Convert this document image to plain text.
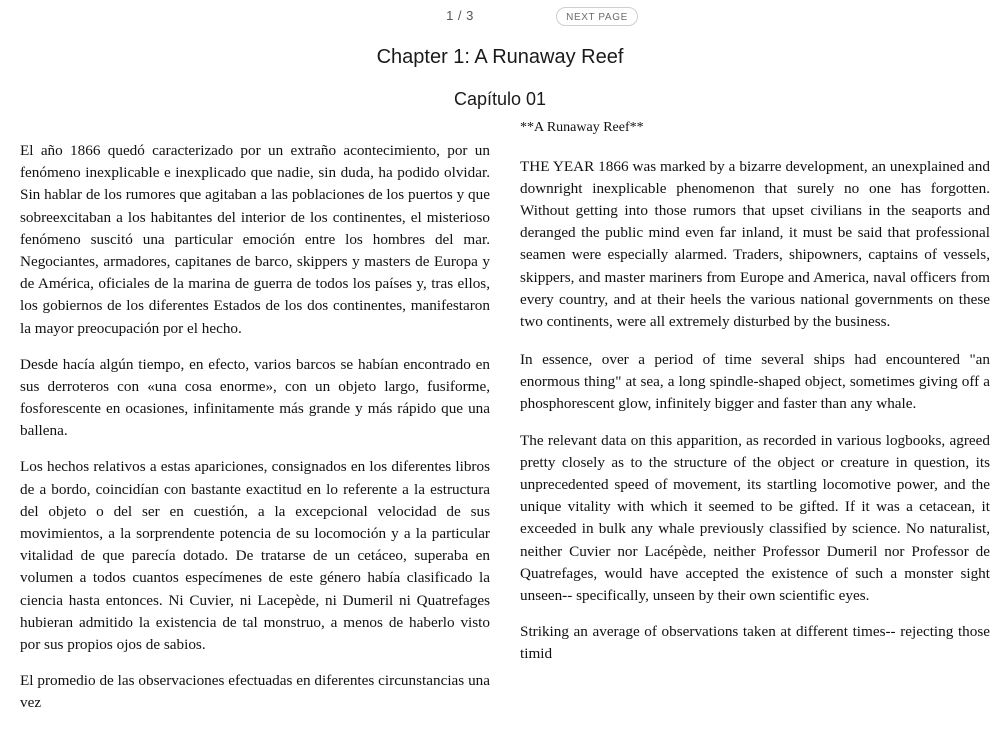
1 / 3	NEXT PAGE
Chapter 1: A Runaway Reef
Capítulo 01

El año 1866 quedó caracterizado por un extraño acontecimiento, por un fenómeno inexplicable e inexplicado que nadie, sin duda, ha podido olvidar. Sin hablar de los rumores que agitaban a las poblaciones de los puertos y que sobreexcitaban a los habitantes del interior de los continentes, el misterioso fenómeno suscitó una particular emoción entre los hombres del mar. Negociantes, armadores, capitanes de barco, skippers y masters de Europa y de América, oficiales de la marina de guerra de todos los países y, tras ellos, los gobiernos de los diferentes Estados de los dos continentes, manifestaron la mayor preocupación por el hecho.

Desde hacía algún tiempo, en efecto, varios barcos se habían encontrado en sus derroteros con «una cosa enorme», con un objeto largo, fusiforme, fosforescente en ocasiones, infinitamente más grande y más rápido que una ballena.

Los hechos relativos a estas apariciones, consignados en los diferentes libros de a bordo, coincidían con bastante exactitud en lo referente a la estructura del objeto o del ser en cuestión, a la excepcional velocidad de sus movimientos, a la sorprendente potencia de su locomoción y a la particular vitalidad de que parecía dotado. De tratarse de un cetáceo, superaba en volumen a todos cuantos especímenes de este género había clasificado la ciencia hasta entonces. Ni Cuvier, ni Lacepède, ni Dumeril ni Quatrefages hubieran admitido la existencia de tal monstruo, a menos de haberlo visto por sus propios ojos de sabios.

El promedio de las observaciones efectuadas en diferentes circunstancias una vez

**A Runaway Reef**

THE YEAR 1866 was marked by a bizarre development, an unexplained and downright inexplicable phenomenon that surely no one has forgotten. Without getting into those rumors that upset civilians in the seaports and deranged the public mind even far inland, it must be said that professional seamen were especially alarmed. Traders, shipowners, captains of vessels, skippers, and master mariners from Europe and America, naval officers from every country, and at their heels the various national governments on these two continents, were all extremely disturbed by the business.

In essence, over a period of time several ships had encountered "an enormous thing" at sea, a long spindle-shaped object, sometimes giving off a phosphorescent glow, infinitely bigger and faster than any whale.

The relevant data on this apparition, as recorded in various logbooks, agreed pretty closely as to the structure of the object or creature in question, its unprecedented speed of movement, its startling locomotive power, and the unique vitality with which it seemed to be gifted. If it was a cetacean, it exceeded in bulk any whale previously classified by science. No naturalist, neither Cuvier nor Lacépède, neither Professor Dumeril nor Professor de Quatrefages, would have accepted the existence of such a monster sight unseen-- specifically, unseen by their own scientific eyes.

Striking an average of observations taken at different times-- rejecting those timid
